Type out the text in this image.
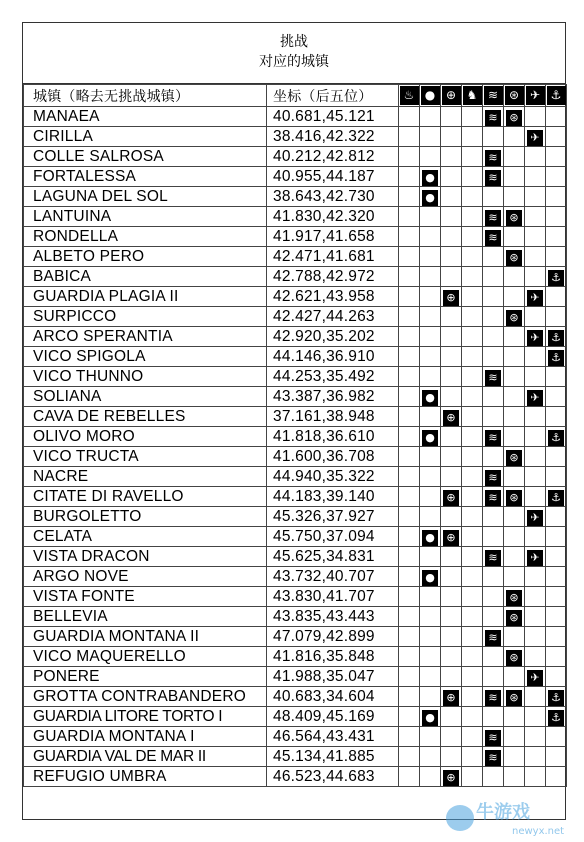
挑战
对应的城镇
城镇（略去无挑战城镇）	坐标（后五位）	♨	●	⊕	♞	≋	⊛	✈	⚓
MANAEA	40.681,45.121					≋	⊛		
CIRILLA	38.416,42.322							✈	
COLLE SALROSA	40.212,42.812					≋			
FORTALESSA	40.955,44.187		●			≋			
LAGUNA DEL SOL	38.643,42.730		●						
LANTUINA	41.830,42.320					≋	⊛		
RONDELLA	41.917,41.658					≋			
ALBETO PERO	42.471,41.681						⊛		
BABICA	42.788,42.972								⚓
GUARDIA PLAGIA II	42.621,43.958			⊕				✈	
SURPICCO	42.427,44.263						⊛		
ARCO SPERANTIA	42.920,35.202							✈	⚓
VICO SPIGOLA	44.146,36.910								⚓
VICO THUNNO	44.253,35.492					≋			
SOLIANA	43.387,36.982		●					✈	
CAVA DE REBELLES	37.161,38.948			⊕					
OLIVO MORO	41.818,36.610		●			≋			⚓
VICO TRUCTA	41.600,36.708						⊛		
NACRE	44.940,35.322					≋			
CITATE DI RAVELLO	44.183,39.140			⊕		≋	⊛		⚓
BURGOLETTO	45.326,37.927							✈	
CELATA	45.750,37.094		●	⊕					
VISTA DRACON	45.625,34.831					≋		✈	
ARGO NOVE	43.732,40.707		●						
VISTA FONTE	43.830,41.707						⊛		
BELLEVIA	43.835,43.443						⊛		
GUARDIA MONTANA II	47.079,42.899					≋			
VICO MAQUERELLO	41.816,35.848						⊛		
PONERE	41.988,35.047							✈	
GROTTA CONTRABANDERO	40.683,34.604			⊕		≋	⊛		⚓
GUARDIA LITORE TORTO I	48.409,45.169		●						⚓
GUARDIA MONTANA I	46.564,43.431					≋			
GUARDIA VAL DE MAR II	45.134,41.885					≋			
REFUGIO UMBRA	46.523,44.683			⊕					
牛游戏
newyx.net
